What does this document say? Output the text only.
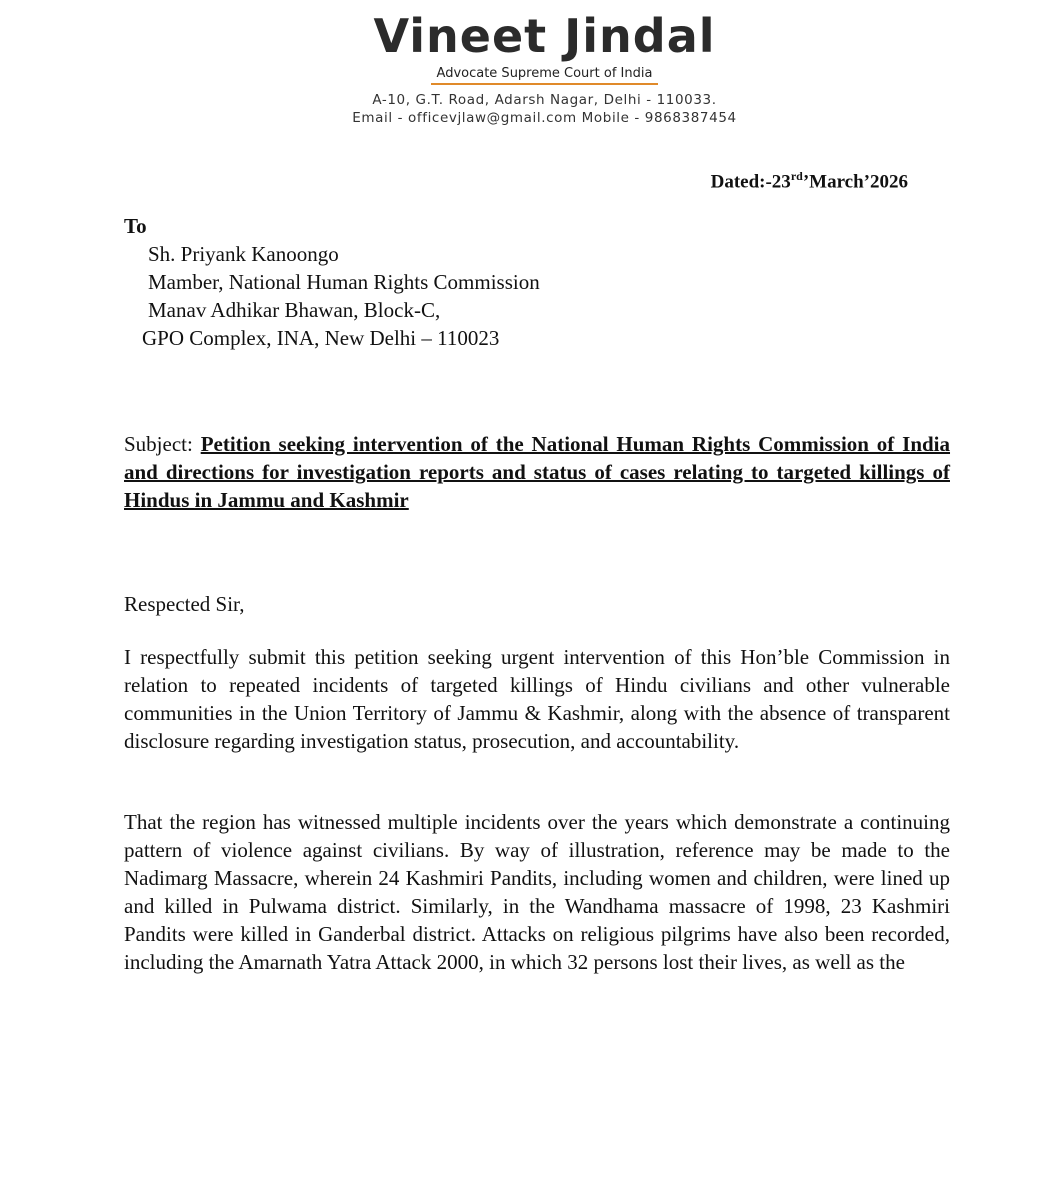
Vineet Jindal
Advocate Supreme Court of India
A-10, G.T. Road, Adarsh Nagar, Delhi - 110033.
Email - officevjlaw@gmail.com Mobile - 9868387454
Dated:-23rd’March’2026
To
Sh. Priyank Kanoongo
Mamber, National Human Rights Commission
Manav Adhikar Bhawan, Block-C,
GPO Complex, INA, New Delhi – 110023
Subject: Petition seeking intervention of the National Human Rights Commission of India and directions for investigation reports and status of cases relating to targeted killings of Hindus in Jammu and Kashmir
Respected Sir,
I respectfully submit this petition seeking urgent intervention of this Hon’ble Commission in relation to repeated incidents of targeted killings of Hindu civilians and other vulnerable communities in the Union Territory of Jammu & Kashmir, along with the absence of transparent disclosure regarding investigation status, prosecution, and accountability.
That the region has witnessed multiple incidents over the years which demonstrate a continuing pattern of violence against civilians. By way of illustration, reference may be made to the Nadimarg Massacre, wherein 24 Kashmiri Pandits, including women and children, were lined up and killed in Pulwama district. Similarly, in the Wandhama massacre of 1998, 23 Kashmiri Pandits were killed in Ganderbal district. Attacks on religious pilgrims have also been recorded, including the Amarnath Yatra Attack 2000, in which 32 persons lost their lives, as well as the
